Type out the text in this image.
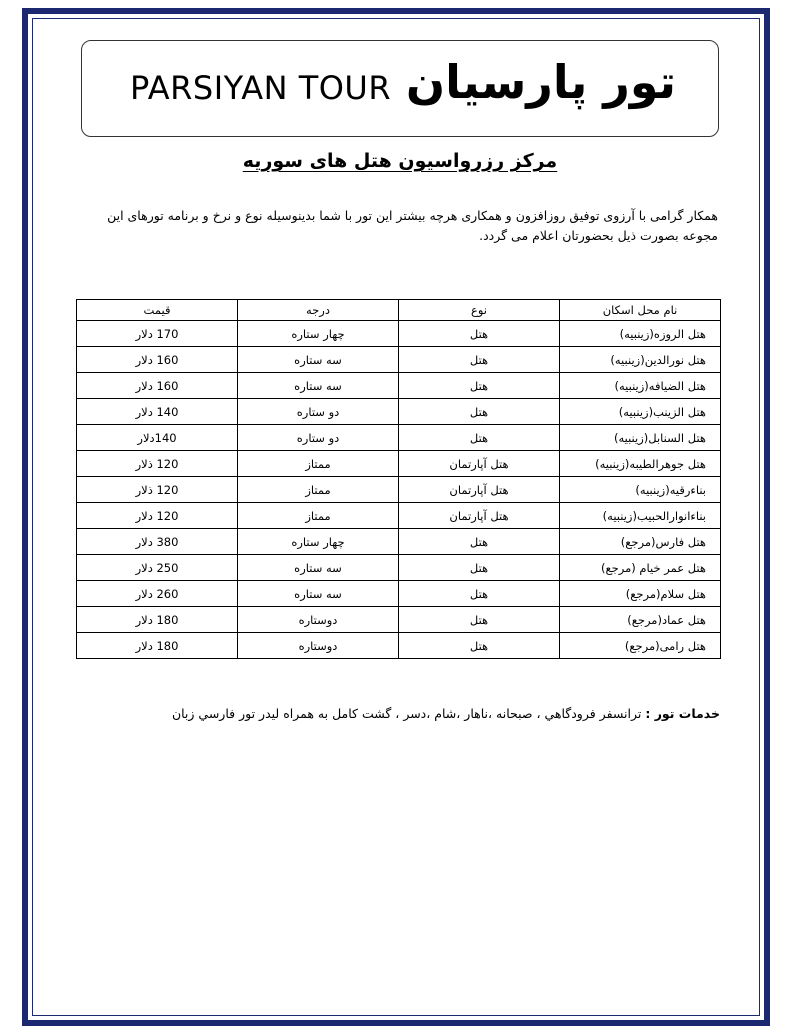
PARSIYAN TOUR تور پارسیان
مرکز رزرواسیون هتل های سوریه
همکار گرامی با آرزوی توفیق روزافزون و همکاری هرچه بیشتر این تور با شما بدینوسیله نوع و نرخ و برنامه تورهای این مجوعه بصورت ذیل بحضورتان اعلام می گردد.
نام محل اسکان	نوع	درجه	قیمت
هتل الروزه(زینبیه)	هتل	چهار ستاره	170 دلار
هتل نورالدین(زینبیه)	هتل	سه ستاره	160 دلار
هتل الضیافه(زینبیه)	هتل	سه ستاره	160 دلار
هتل الزینب(زینبیه)	هتل	دو ستاره	140 دلار
هتل السنابل(زینبیه)	هتل	دو ستاره	140دلار
هتل جوهرالطیبه(زینبیه)	هتل آپارتمان	ممتاز	120 ذلار
بناءرقیه(زینبیه)	هتل آپارتمان	ممتاز	120 ذلار
بناءانوارالحبیب(زینبیه)	هتل آپارتمان	ممتاز	120 دلار
هتل فارس(مرجع)	هتل	چهار ستاره	380 دلار
هتل عمر خیام (مرجع)	هتل	سه ستاره	250 دلار
هتل سلام(مرجع)	هتل	سه ستاره	260 دلار
هتل عماد(مرجع)	هتل	دوستاره	180 دلار
هتل رامی(مرجع)	هتل	دوستاره	180 دلار
خدمات تور : ترانسفر فرودگاهي ، صبحانه ،ناهار ،شام ،دسر ، گشت کامل به همراه ليدر تور فارسي زبان
